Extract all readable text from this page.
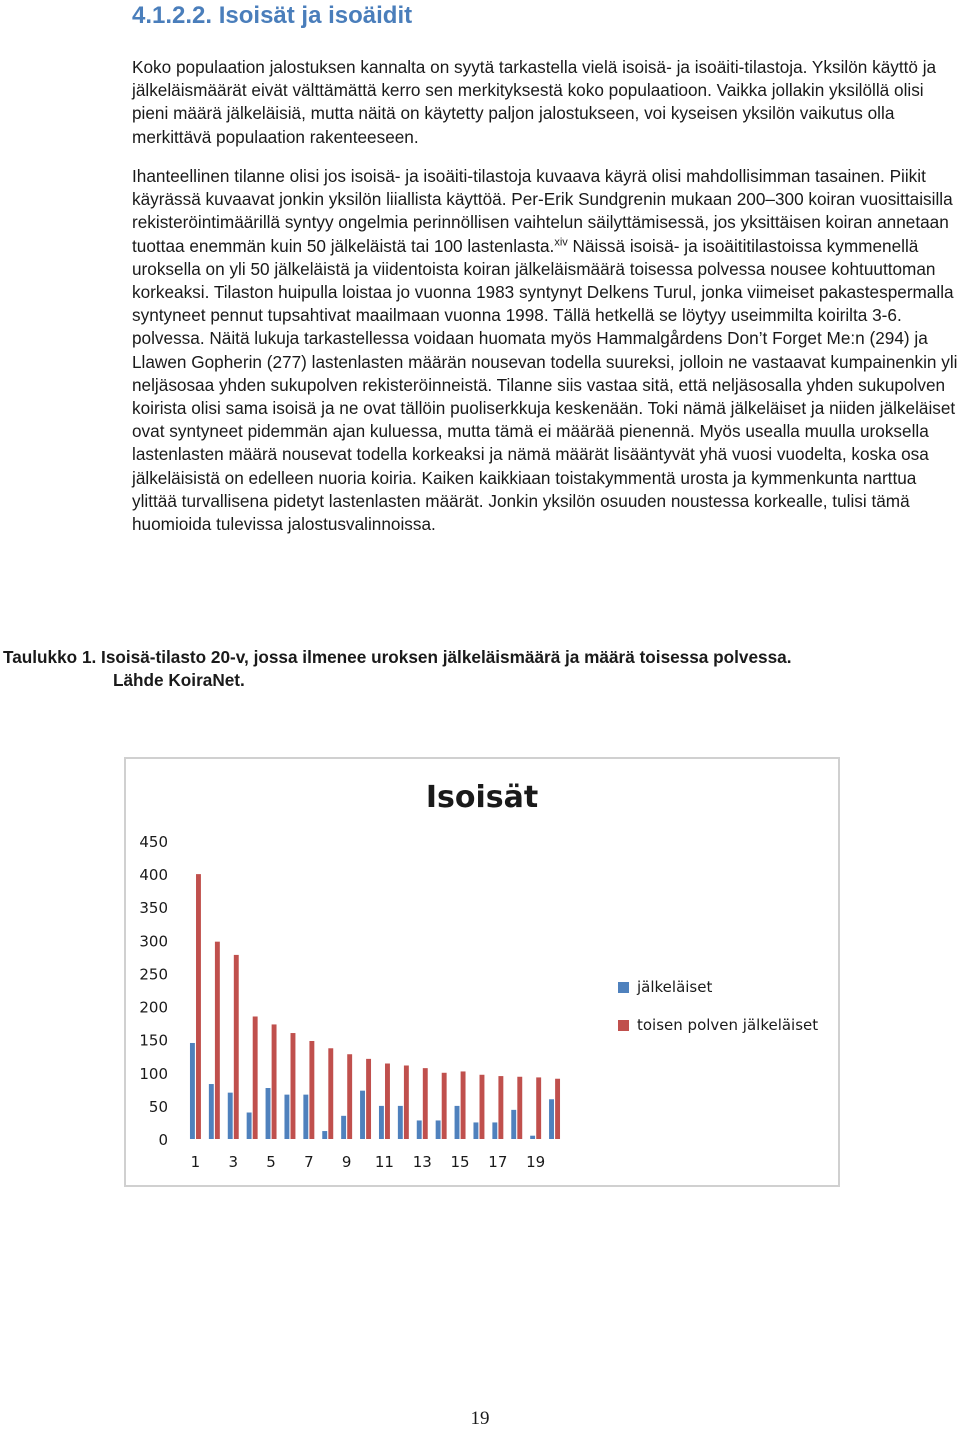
4.1.2.2. Isoisät ja isoäidit

Koko populaation jalostuksen kannalta on syytä tarkastella vielä isoisä- ja isoäiti-tilastoja. Yksilön käyttö ja jälkeläismäärät eivät välttämättä kerro sen merkityksestä koko populaatioon. Vaikka jollakin yksilöllä olisi pieni määrä jälkeläisiä, mutta näitä on käytetty paljon jalostukseen, voi kyseisen yksilön vaikutus olla merkittävä populaation rakenteeseen.

Ihanteellinen tilanne olisi jos isoisä- ja isoäiti-tilastoja kuvaava käyrä olisi mahdollisimman tasainen. Piikit käyrässä kuvaavat jonkin yksilön liiallista käyttöä. Per-Erik Sundgrenin mukaan 200–300 koiran vuosittaisilla rekisteröintimäärillä syntyy ongelmia perinnöllisen vaihtelun säilyttämisessä, jos yksittäisen koiran annetaan tuottaa enemmän kuin 50 jälkeläistä tai 100 lastenlasta.$^{xiv}$ Näissä isoisä- ja isoäititilastoissa kymmenellä uroksella on yli 50 jälkeläistä ja viidentoista koiran jälkeläismäärä toisessa polvessa nousee kohtuuttoman korkeaksi. Tilaston huipulla loistaa jo vuonna 1983 syntynyt Delkens Turul, jonka viimeiset pakastespermalla syntyneet pennut tupsahtivat maailmaan vuonna 1998. Tällä hetkellä se löytyy useimmilta koirilta 3-6. polvessa. Näitä lukuja tarkastellessa voidaan huomata myös Hammalgårdens Don’t Forget Me:n (294) ja Llawen Gopherin (277) lastenlasten määrän nousevan todella suureksi, jolloin ne vastaavat kumpainenkin yli neljäsosaa yhden sukupolven rekisteröinneistä. Tilanne siis vastaa sitä, että neljäsosalla yhden sukupolven koirista olisi sama isoisä ja ne ovat tällöin puoliserkkuja keskenään. Toki nämä jälkeläiset ja niiden jälkeläiset ovat syntyneet pidemmän ajan kuluessa, mutta tämä ei määrää pienennä. Myös usealla muulla uroksella lastenlasten määrä nousevat todella korkeaksi ja nämä määrät lisääntyvät yhä vuosi vuodelta, koska osa jälkeläisistä on edelleen nuoria koiria. Kaiken kaikkiaan toistakymmentä urosta ja kymmenkunta narttua ylittää turvallisena pidetyt lastenlasten määrät. Jonkin yksilön osuuden noustessa korkealle, tulisi tämä huomioida tulevissa jalostusvalinnoissa.

Taulukko 1. Isoisä-tilasto 20-v, jossa ilmenee uroksen jälkeläismäärä ja määrä toisessa polvessa.
Lähde KoiraNet.

Isoisät
0
50
100
150
200
250
300
350
400
450
1 3 5 7 9 11 13 15 17 19
jälkeläiset
toisen polven jälkeläiset
19
